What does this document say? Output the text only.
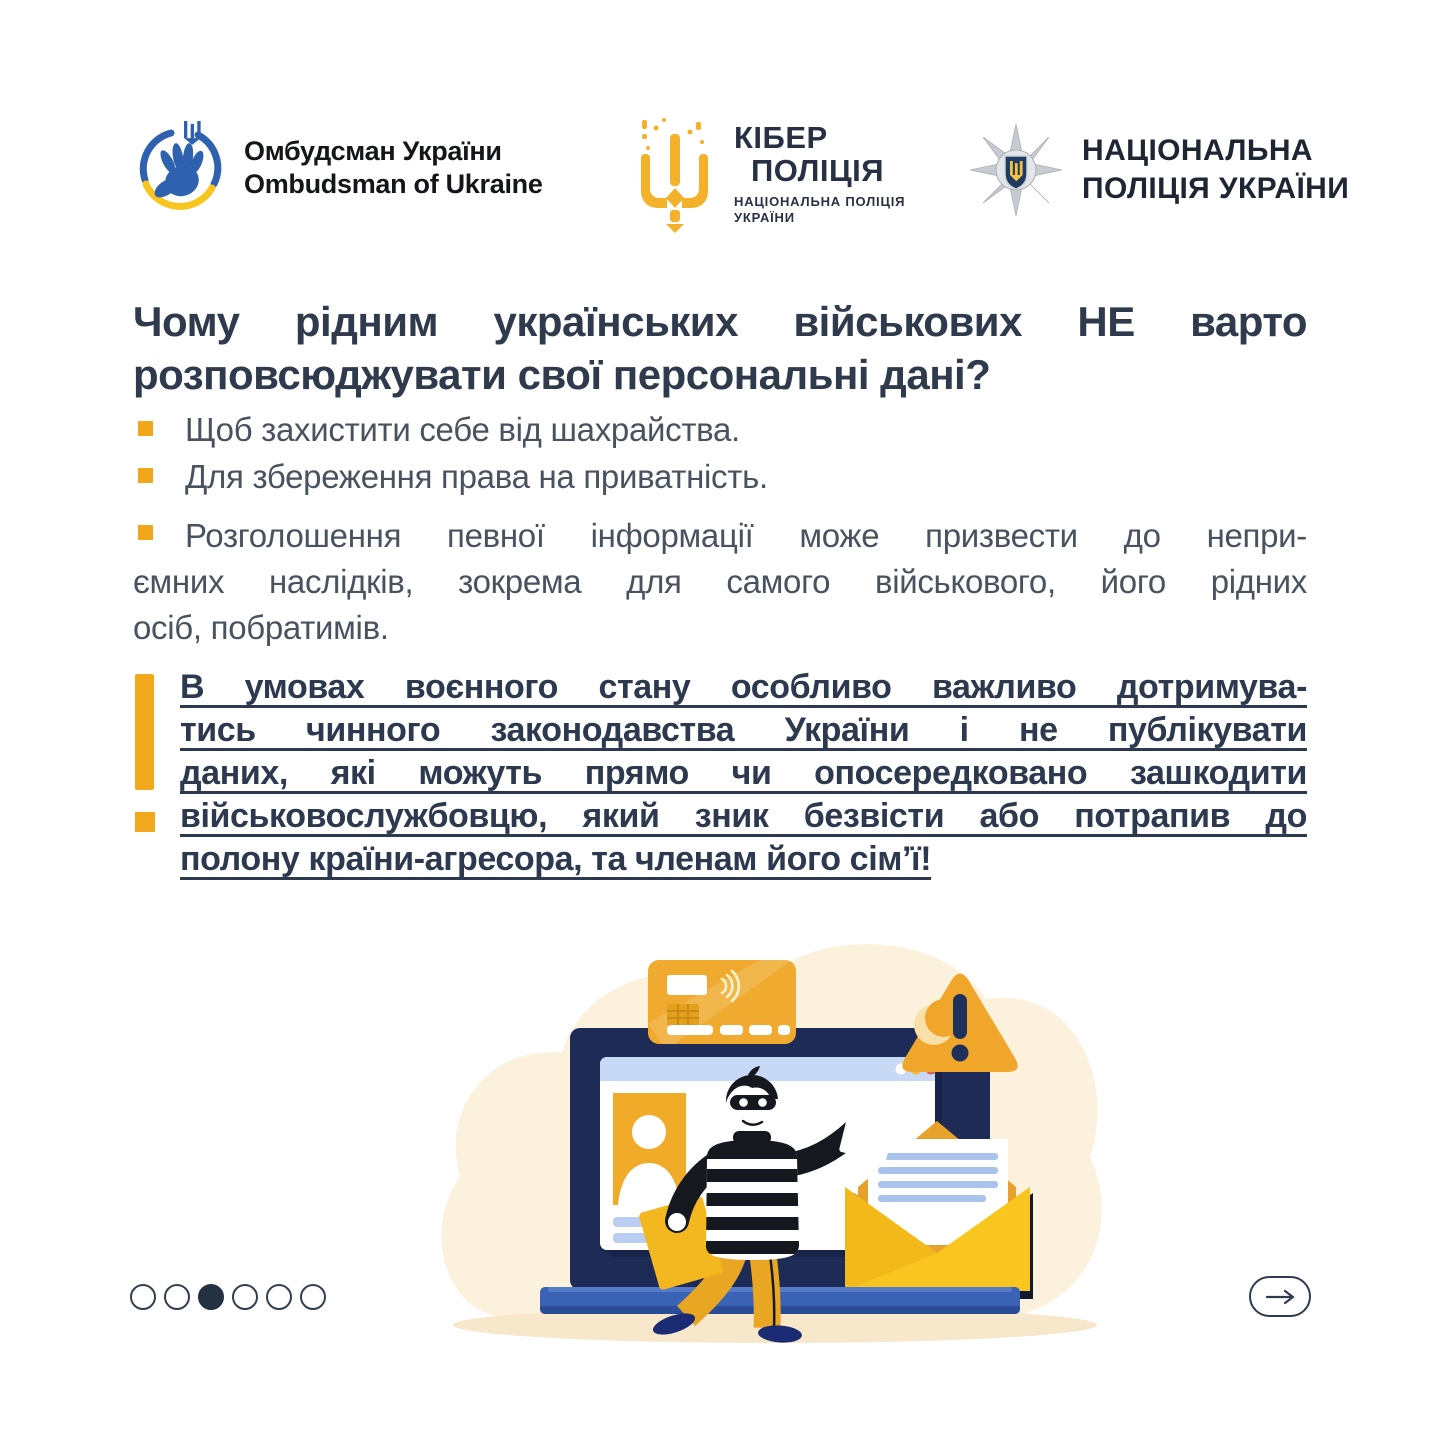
Омбудсман України
Ombudsman of Ukraine
КІБЕР
ПОЛІЦІЯ
НАЦІОНАЛЬНА ПОЛІЦІЯ
УКРАЇНИ
НАЦІОНАЛЬНА
ПОЛІЦІЯ УКРАЇНИ
Чому рідним українських військових НЕ варто
розповсюджувати свої персональні дані?
Щоб захистити себе від шахрайства.
Для збереження права на приватність.
Розголошення певної інформації може призвести до непри-
ємних наслідків, зокрема для самого військового, його рідних
осіб, побратимів.
В умовах воєнного стану особливо важливо дотримува-
тись чинного законодавства України і не публікувати
даних, які можуть прямо чи опосередковано зашкодити
військовослужбовцю, який зник безвісти або потрапив до
полону країни-агресора, та членам його сім’ї!
